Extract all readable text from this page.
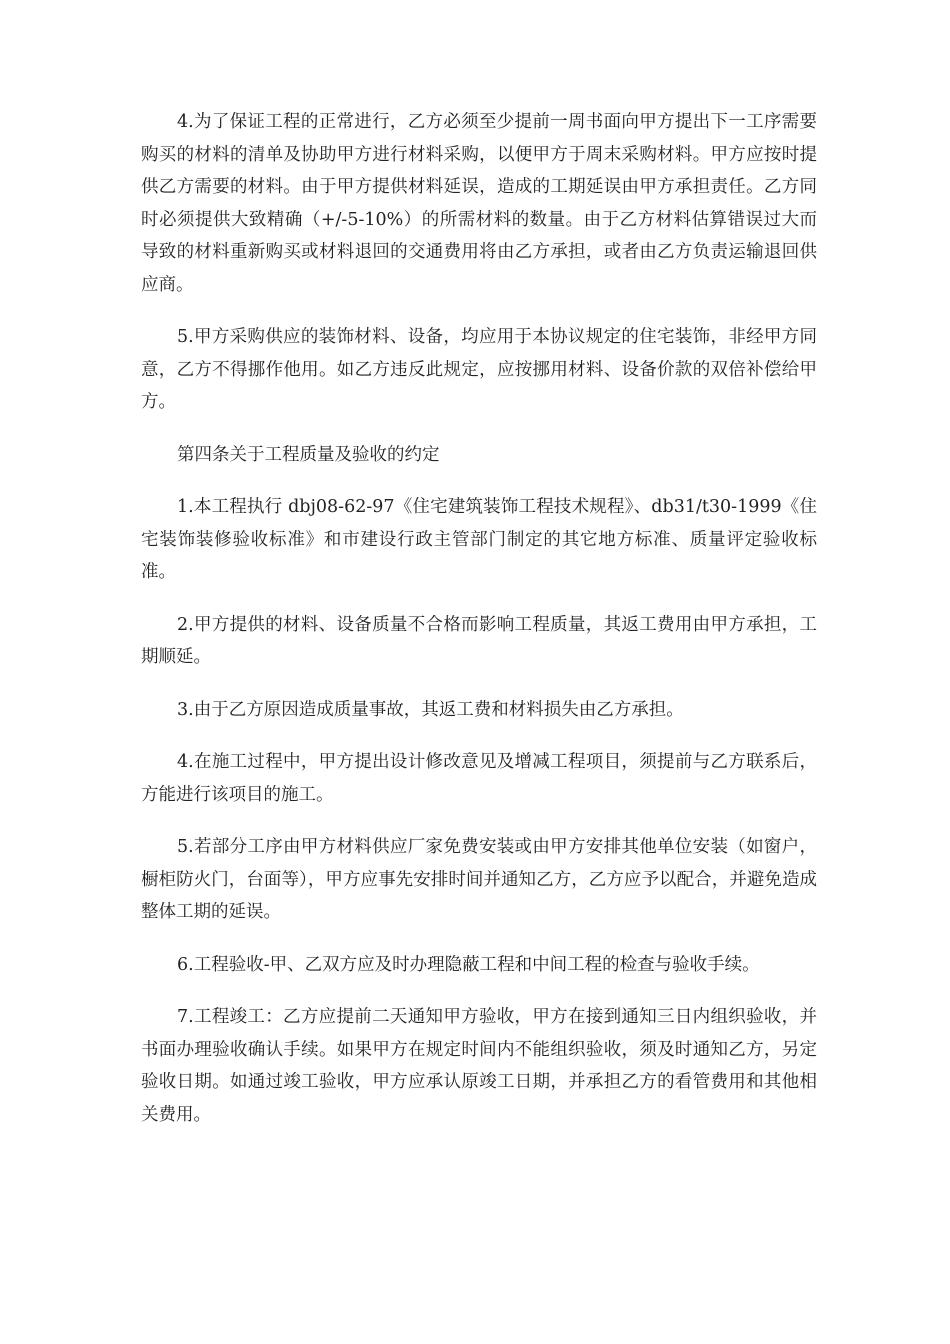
4.为了保证工程的正常进行，乙方必须至少提前一周书面向甲方提出下一工序需要购买的材料的清单及协助甲方进行材料采购，以便甲方于周末采购材料。甲方应按时提供乙方需要的材料。由于甲方提供材料延误，造成的工期延误由甲方承担责任。乙方同时必须提供大致精确（+/-5-10%）的所需材料的数量。由于乙方材料估算错误过大而导致的材料重新购买或材料退回的交通费用将由乙方承担，或者由乙方负责运输退回供应商。

5.甲方采购供应的装饰材料、设备，均应用于本协议规定的住宅装饰，非经甲方同意，乙方不得挪作他用。如乙方违反此规定，应按挪用材料、设备价款的双倍补偿给甲方。

第四条关于工程质量及验收的约定

1.本工程执行 dbj08-62-97《住宅建筑装饰工程技术规程》、db31/t30-1999《住宅装饰装修验收标准》和市建设行政主管部门制定的其它地方标准、质量评定验收标准。

2.甲方提供的材料、设备质量不合格而影响工程质量，其返工费用由甲方承担，工期顺延。

3.由于乙方原因造成质量事故，其返工费和材料损失由乙方承担。

4.在施工过程中，甲方提出设计修改意见及增减工程项目，须提前与乙方联系后，方能进行该项目的施工。

5.若部分工序由甲方材料供应厂家免费安装或由甲方安排其他单位安装（如窗户，橱柜防火门，台面等），甲方应事先安排时间并通知乙方，乙方应予以配合，并避免造成整体工期的延误。

6.工程验收-甲、乙双方应及时办理隐蔽工程和中间工程的检查与验收手续。

7.工程竣工：乙方应提前二天通知甲方验收，甲方在接到通知三日内组织验收，并书面办理验收确认手续。如果甲方在规定时间内不能组织验收，须及时通知乙方，另定验收日期。如通过竣工验收，甲方应承认原竣工日期，并承担乙方的看管费用和其他相关费用。
